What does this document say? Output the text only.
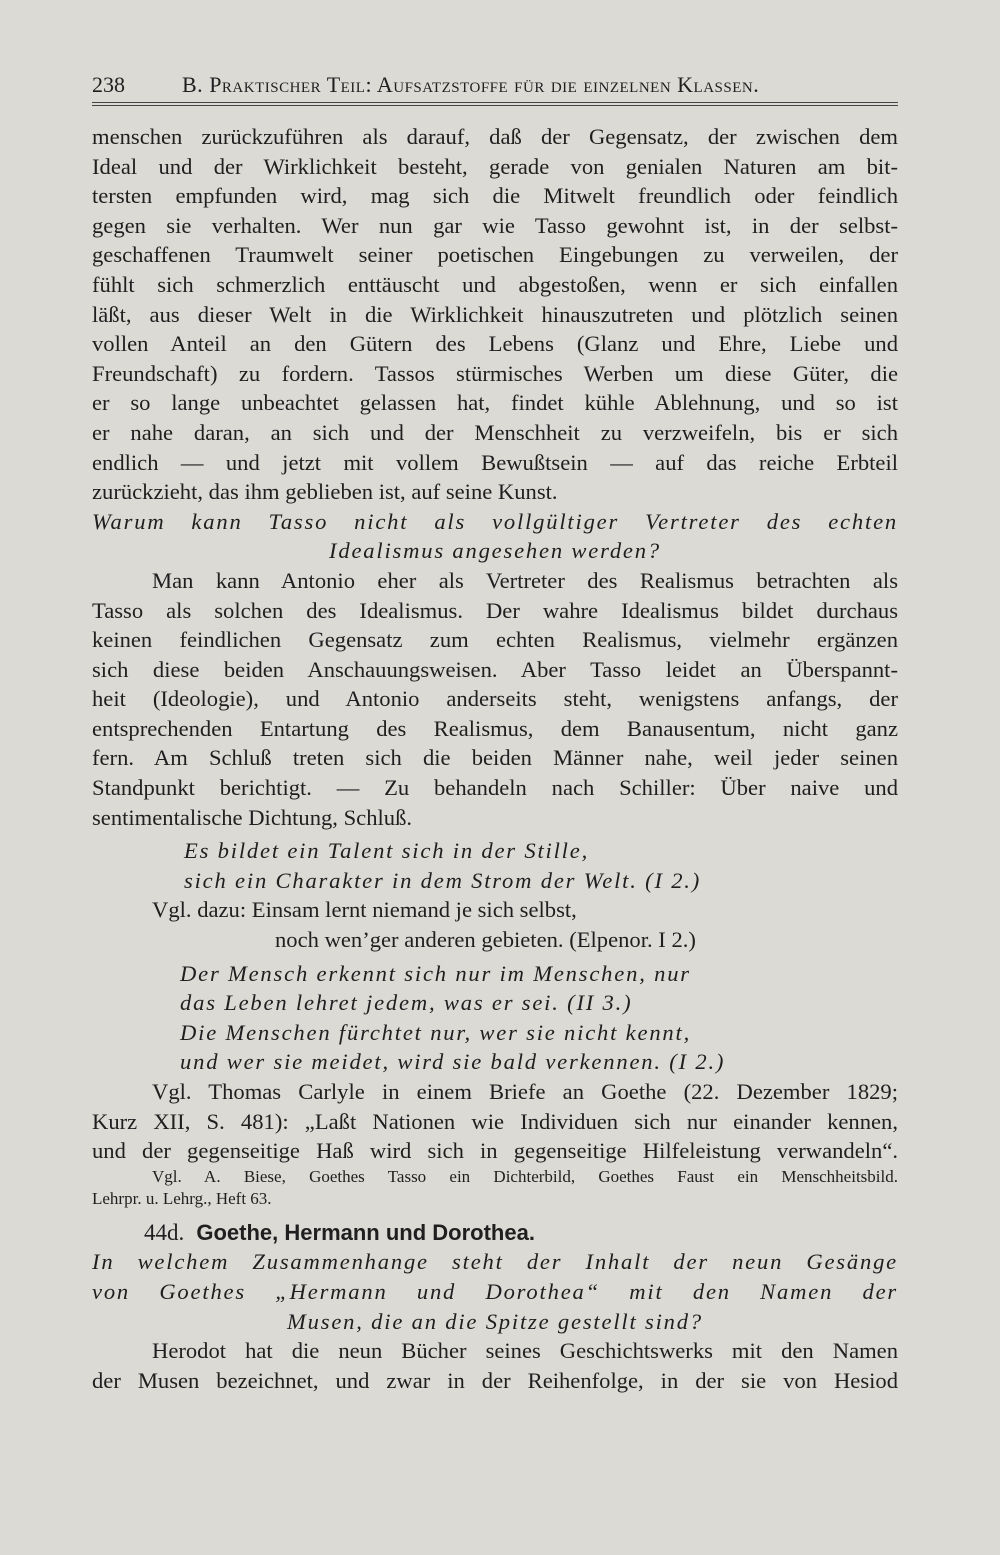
238	B. Praktischer Teil: Aufsatzstoffe für die einzelnen Klassen.
menschen zurückzuführen als darauf, daß der Gegensatz, der zwischen dem
Ideal und der Wirklichkeit besteht, gerade von genialen Naturen am bit-
tersten empfunden wird, mag sich die Mitwelt freundlich oder feindlich
gegen sie verhalten. Wer nun gar wie Tasso gewohnt ist, in der selbst-
geschaffenen Traumwelt seiner poetischen Eingebungen zu verweilen, der
fühlt sich schmerzlich enttäuscht und abgestoßen, wenn er sich einfallen
läßt, aus dieser Welt in die Wirklichkeit hinauszutreten und plötzlich seinen
vollen Anteil an den Gütern des Lebens (Glanz und Ehre, Liebe und
Freundschaft) zu fordern. Tassos stürmisches Werben um diese Güter, die
er so lange unbeachtet gelassen hat, findet kühle Ablehnung, und so ist
er nahe daran, an sich und der Menschheit zu verzweifeln, bis er sich
endlich — und jetzt mit vollem Bewußtsein — auf das reiche Erbteil
zurückzieht, das ihm geblieben ist, auf seine Kunst.
Warum kann Tasso nicht als vollgültiger Vertreter des echten
Idealismus angesehen werden?
Man kann Antonio eher als Vertreter des Realismus betrachten als
Tasso als solchen des Idealismus. Der wahre Idealismus bildet durchaus
keinen feindlichen Gegensatz zum echten Realismus, vielmehr ergänzen
sich diese beiden Anschauungsweisen. Aber Tasso leidet an Überspannt-
heit (Ideologie), und Antonio anderseits steht, wenigstens anfangs, der
entsprechenden Entartung des Realismus, dem Banausentum, nicht ganz
fern. Am Schluß treten sich die beiden Männer nahe, weil jeder seinen
Standpunkt berichtigt. — Zu behandeln nach Schiller: Über naive und
sentimentalische Dichtung, Schluß.
Es bildet ein Talent sich in der Stille,
sich ein Charakter in dem Strom der Welt. (I 2.)
Vgl. dazu: Einsam lernt niemand je sich selbst,
noch wen’ger anderen gebieten. (Elpenor. I 2.)
Der Mensch erkennt sich nur im Menschen, nur
das Leben lehret jedem, was er sei. (II 3.)
Die Menschen fürchtet nur, wer sie nicht kennt,
und wer sie meidet, wird sie bald verkennen. (I 2.)
Vgl. Thomas Carlyle in einem Briefe an Goethe (22. Dezember 1829;
Kurz XII, S. 481): „Laßt Nationen wie Individuen sich nur einander kennen,
und der gegenseitige Haß wird sich in gegenseitige Hilfeleistung verwandeln“.
Vgl. A. Biese, Goethes Tasso ein Dichterbild, Goethes Faust ein Menschheitsbild.
Lehrpr. u. Lehrg., Heft 63.
44d. Goethe, Hermann und Dorothea.
In welchem Zusammenhange steht der Inhalt der neun Gesänge
von Goethes „Hermann und Dorothea“ mit den Namen der
Musen, die an die Spitze gestellt sind?
Herodot hat die neun Bücher seines Geschichtswerks mit den Namen
der Musen bezeichnet, und zwar in der Reihenfolge, in der sie von Hesiod
